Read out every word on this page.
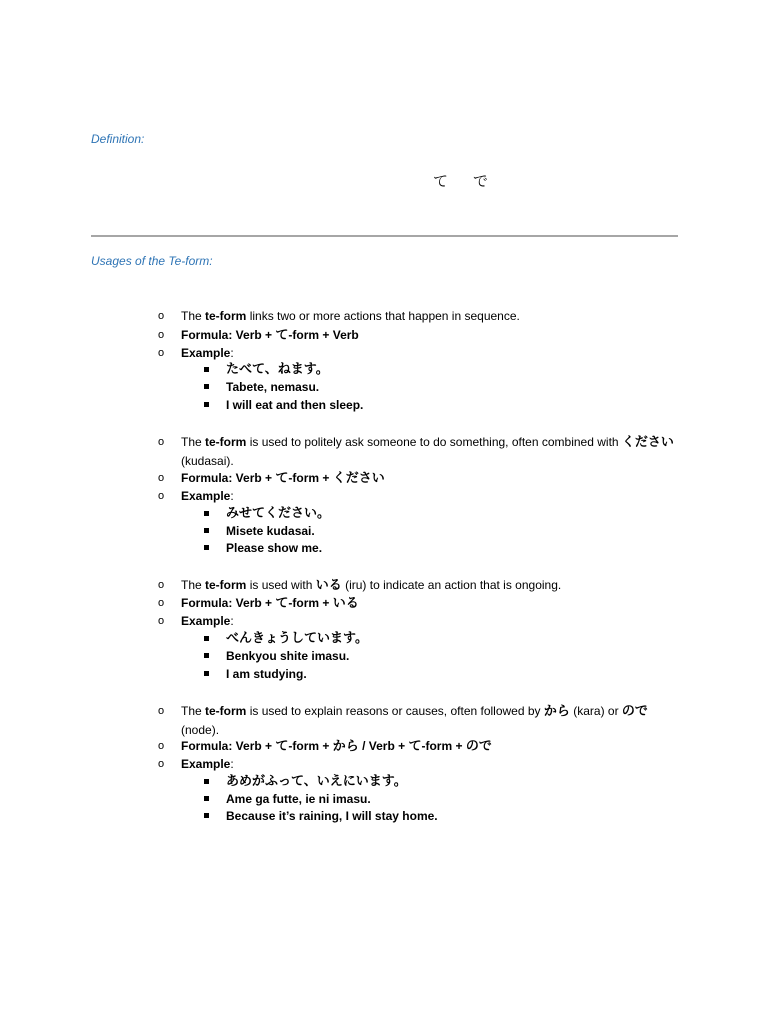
Definition:
て で
Usages of the Te-form:
o The te-form links two or more actions that happen in sequence.
o Formula: Verb + て-form + Verb
o Example:
たべて、ねます。
Tabete, nemasu.
I will eat and then sleep.
o The te-form is used to politely ask someone to do something, often combined with ください (kudasai).
o Formula: Verb + て-form + ください
o Example:
みせてください。
Misete kudasai.
Please show me.
o The te-form is used with いる (iru) to indicate an action that is ongoing.
o Formula: Verb + て-form + いる
o Example:
べんきょうしています。
Benkyou shite imasu.
I am studying.
o The te-form is used to explain reasons or causes, often followed by から (kara) or ので (node).
o Formula: Verb + て-form + から / Verb + て-form + ので
o Example:
あめがふって、いえにいます。
Ame ga futte, ie ni imasu.
Because it’s raining, I will stay home.
